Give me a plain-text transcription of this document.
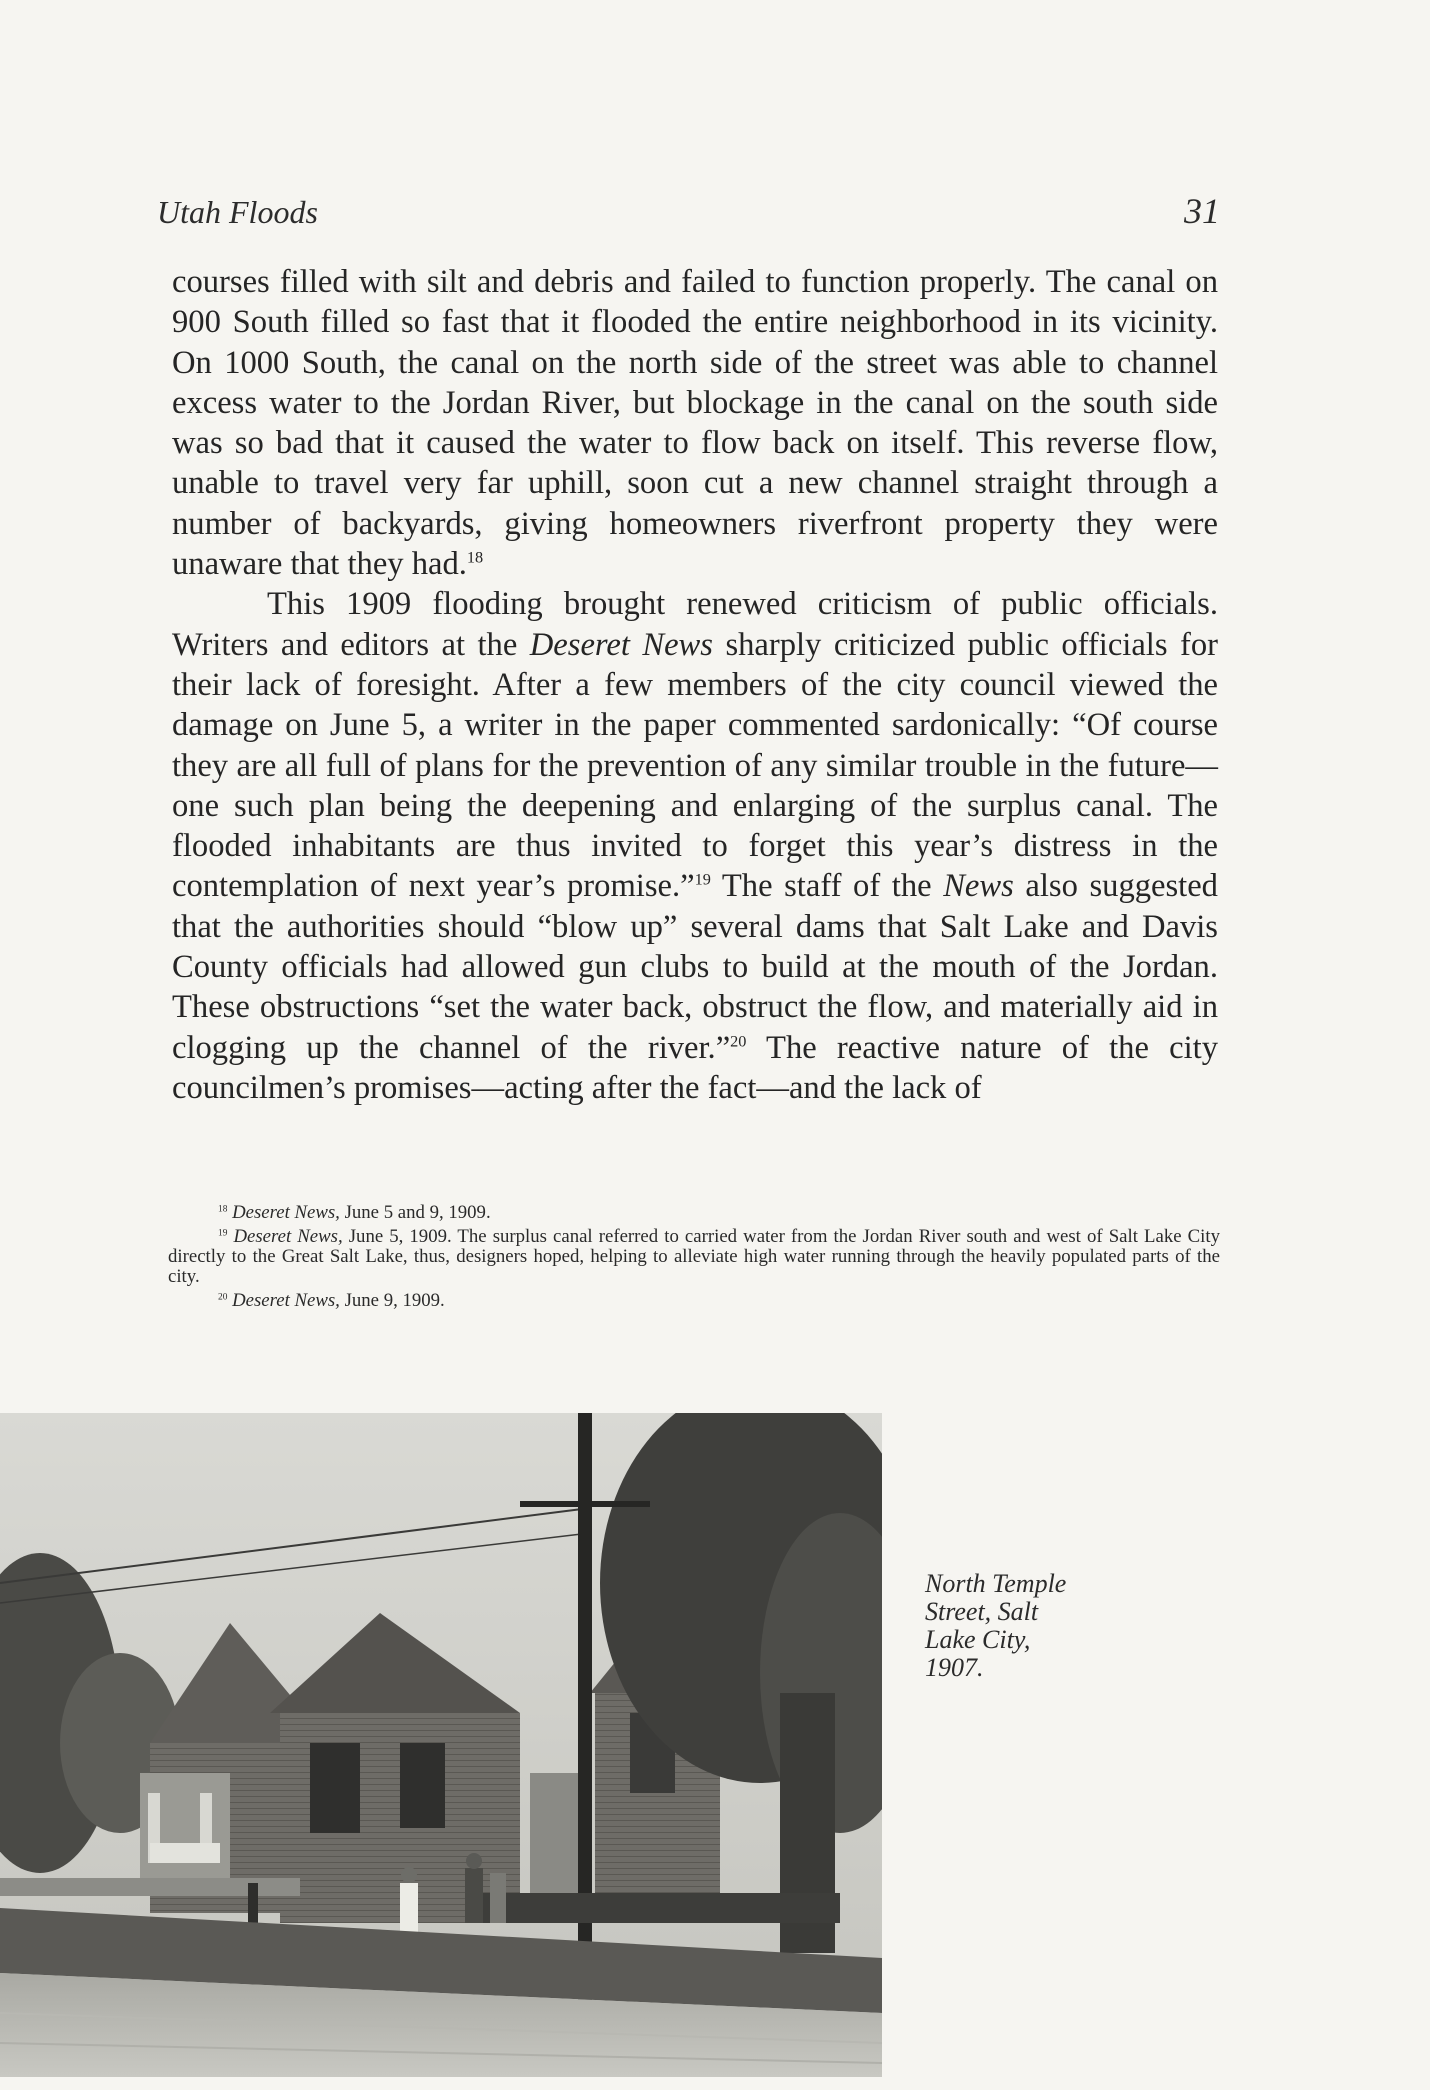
Utah Floods	31

courses filled with silt and debris and failed to function properly. The canal on 900 South filled so fast that it flooded the entire neighborhood in its vicinity. On 1000 South, the canal on the north side of the street was able to channel excess water to the Jordan River, but blockage in the canal on the south side was so bad that it caused the water to flow back on itself. This reverse flow, unable to travel very far uphill, soon cut a new channel straight through a number of backyards, giving homeowners riverfront property they were unaware that they had.$^{18}$

This 1909 flooding brought renewed criticism of public officials. Writers and editors at the Deseret News sharply criticized public officials for their lack of foresight. After a few members of the city council viewed the damage on June 5, a writer in the paper commented sardonically: “Of course they are all full of plans for the prevention of any similar trouble in the future—one such plan being the deepening and enlarging of the surplus canal. The flooded inhabitants are thus invited to forget this year’s distress in the contemplation of next year’s promise.”$^{19}$ The staff of the News also suggested that the authorities should “blow up” several dams that Salt Lake and Davis County officials had allowed gun clubs to build at the mouth of the Jordan. These obstructions “set the water back, obstruct the flow, and materially aid in clogging up the channel of the river.”$^{20}$ The reactive nature of the city councilmen’s promises—acting after the fact—and the lack of

$^{18}$ Deseret News, June 5 and 9, 1909.

$^{19}$ Deseret News, June 5, 1909. The surplus canal referred to carried water from the Jordan River south and west of Salt Lake City directly to the Great Salt Lake, thus, designers hoped, helping to alleviate high water running through the heavily populated parts of the city.

$^{20}$ Deseret News, June 9, 1909.

North Temple
Street, Salt
Lake City,
1907.
